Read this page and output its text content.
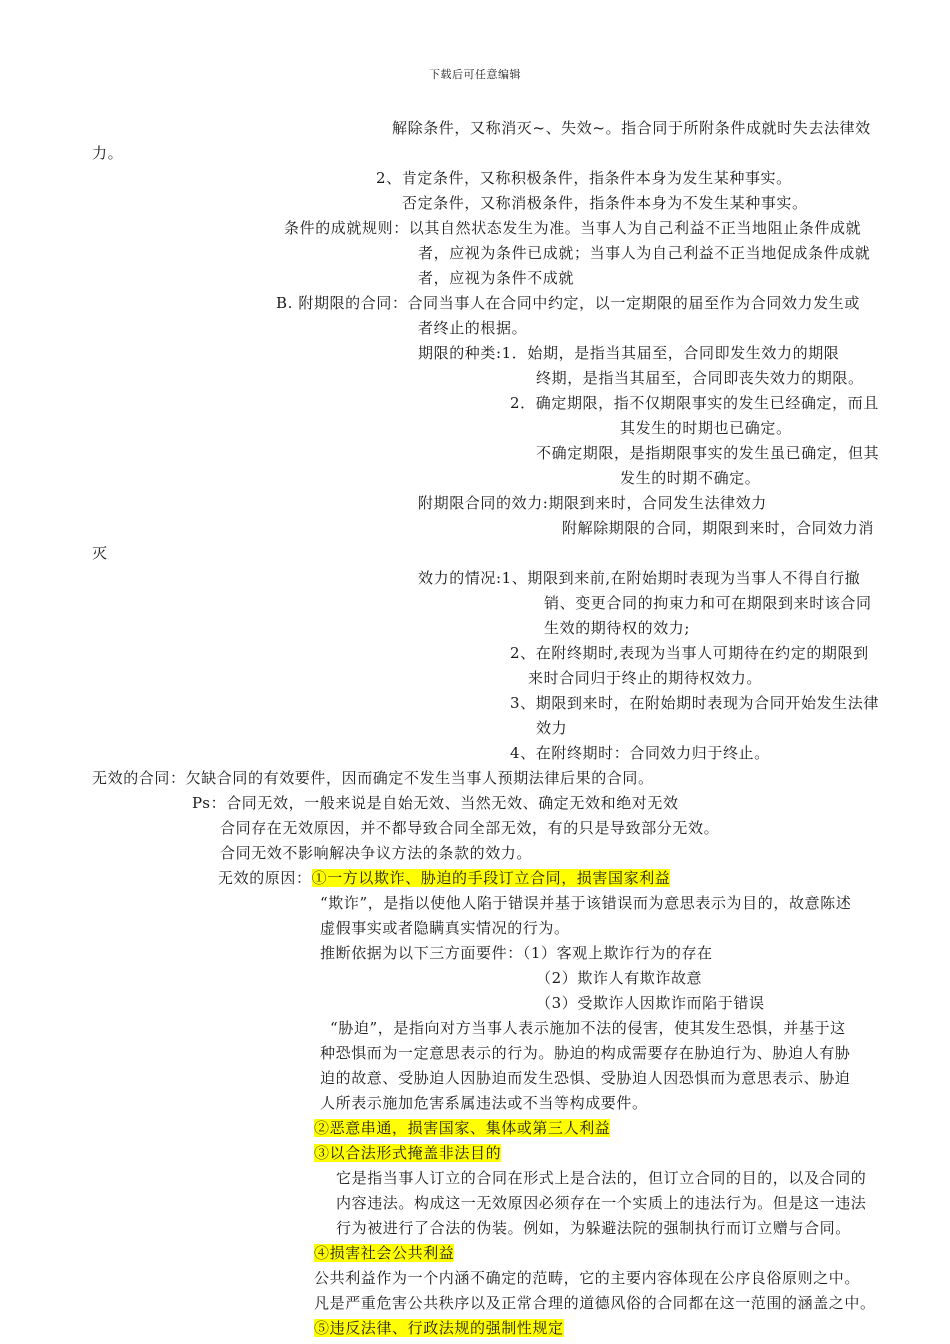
下载后可任意编辑
解除条件，又称消灭~、失效~。指合同于所附条件成就时失去法律效
力。
2、肯定条件，又称积极条件，指条件本身为发生某种事实。
否定条件，又称消极条件，指条件本身为不发生某种事实。
条件的成就规则：以其自然状态发生为准。当事人为自己利益不正当地阻止条件成就
者，应视为条件已成就；当事人为自己利益不正当地促成条件成就
者，应视为条件不成就
B. 附期限的合同：合同当事人在合同中约定，以一定期限的届至作为合同效力发生或
者终止的根据。
期限的种类:1．始期，是指当其届至，合同即发生效力的期限
终期，是指当其届至，合同即丧失效力的期限。
2．确定期限，指不仅期限事实的发生已经确定，而且
其发生的时期也已确定。
不确定期限，是指期限事实的发生虽已确定，但其
发生的时期不确定。
附期限合同的效力:期限到来时，合同发生法律效力
附解除期限的合同，期限到来时，合同效力消
灭
效力的情况:1、期限到来前,在附始期时表现为当事人不得自行撤
销、变更合同的拘束力和可在期限到来时该合同
生效的期待权的效力;
2、在附终期时,表现为当事人可期待在约定的期限到
来时合同归于终止的期待权效力。
3、期限到来时，在附始期时表现为合同开始发生法律
效力
4、在附终期时：合同效力归于终止。
无效的合同：欠缺合同的有效要件，因而确定不发生当事人预期法律后果的合同。
Ps：合同无效，一般来说是自始无效、当然无效、确定无效和绝对无效
合同存在无效原因，并不都导致合同全部无效，有的只是导致部分无效。
合同无效不影响解决争议方法的条款的效力。
无效的原因：①一方以欺诈、胁迫的手段订立合同，损害国家利益
“欺诈”，是指以使他人陷于错误并基于该错误而为意思表示为目的，故意陈述
虚假事实或者隐瞒真实情况的行为。
推断依据为以下三方面要件：（1）客观上欺诈行为的存在
（2）欺诈人有欺诈故意
（3）受欺诈人因欺诈而陷于错误
“胁迫”，是指向对方当事人表示施加不法的侵害，使其发生恐惧，并基于这
种恐惧而为一定意思表示的行为。胁迫的构成需要存在胁迫行为、胁迫人有胁
迫的故意、受胁迫人因胁迫而发生恐惧、受胁迫人因恐惧而为意思表示、胁迫
人所表示施加危害系属违法或不当等构成要件。
②恶意串通，损害国家、集体或第三人利益
③以合法形式掩盖非法目的
它是指当事人订立的合同在形式上是合法的，但订立合同的目的，以及合同的
内容违法。构成这一无效原因必须存在一个实质上的违法行为。但是这一违法
行为被进行了合法的伪装。例如，为躲避法院的强制执行而订立赠与合同。
④损害社会公共利益
公共利益作为一个内涵不确定的范畴，它的主要内容体现在公序良俗原则之中。
凡是严重危害公共秩序以及正常合理的道德风俗的合同都在这一范围的涵盖之中。
⑤违反法律、行政法规的强制性规定
